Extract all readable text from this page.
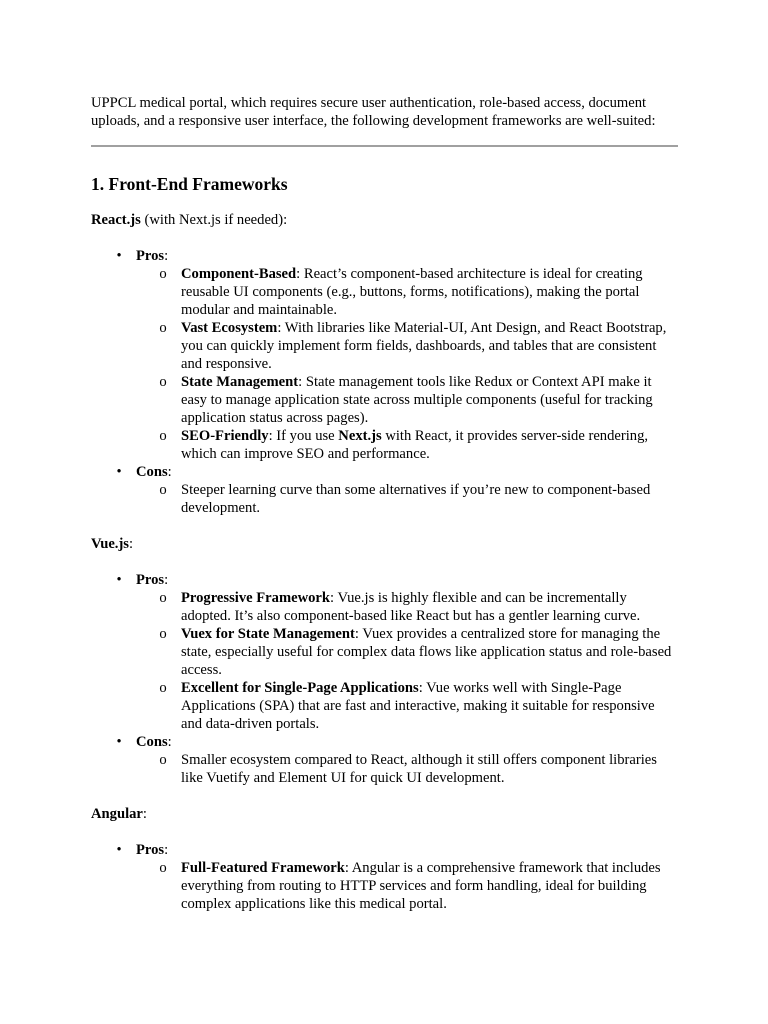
UPPCL medical portal, which requires secure user authentication, role-based access, document uploads, and a responsive user interface, the following development frameworks are well-suited:

1. Front-End Frameworks

React.js (with Next.js if needed):

• Pros:
o Component-Based: React’s component-based architecture is ideal for creating reusable UI components (e.g., buttons, forms, notifications), making the portal modular and maintainable.
o Vast Ecosystem: With libraries like Material-UI, Ant Design, and React Bootstrap, you can quickly implement form fields, dashboards, and tables that are consistent and responsive.
o State Management: State management tools like Redux or Context API make it easy to manage application state across multiple components (useful for tracking application status across pages).
o SEO-Friendly: If you use Next.js with React, it provides server-side rendering, which can improve SEO and performance.
• Cons:
o Steeper learning curve than some alternatives if you’re new to component-based development.

Vue.js:

• Pros:
o Progressive Framework: Vue.js is highly flexible and can be incrementally adopted. It’s also component-based like React but has a gentler learning curve.
o Vuex for State Management: Vuex provides a centralized store for managing the state, especially useful for complex data flows like application status and role-based access.
o Excellent for Single-Page Applications: Vue works well with Single-Page Applications (SPA) that are fast and interactive, making it suitable for responsive and data-driven portals.
• Cons:
o Smaller ecosystem compared to React, although it still offers component libraries like Vuetify and Element UI for quick UI development.

Angular:

• Pros:
o Full-Featured Framework: Angular is a comprehensive framework that includes everything from routing to HTTP services and form handling, ideal for building complex applications like this medical portal.
